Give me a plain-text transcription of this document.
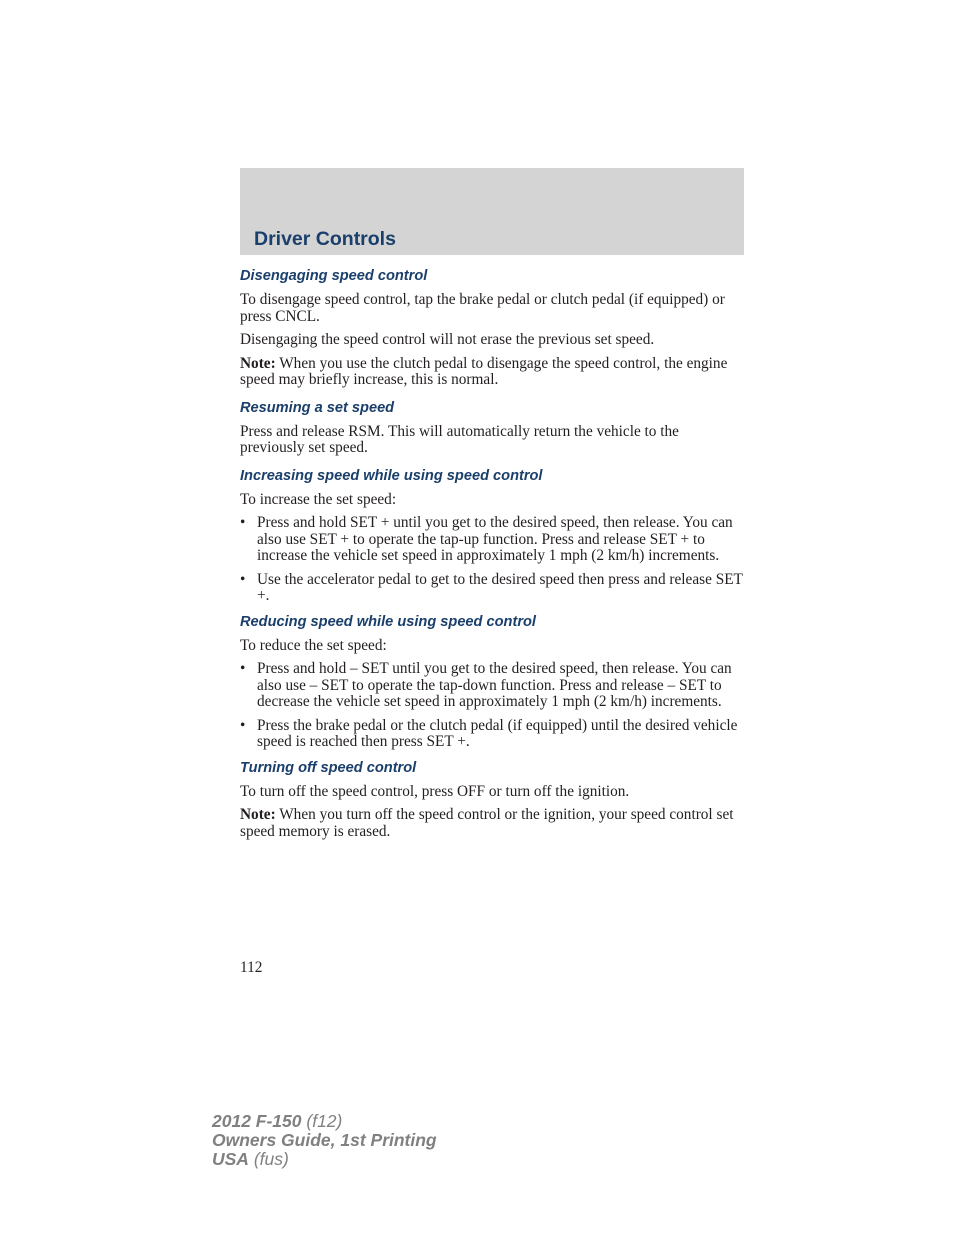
Driver Controls
Disengaging speed control

To disengage speed control, tap the brake pedal or clutch pedal (if equipped) or press CNCL.

Disengaging the speed control will not erase the previous set speed.

Note: When you use the clutch pedal to disengage the speed control, the engine speed may briefly increase, this is normal.

Resuming a set speed

Press and release RSM. This will automatically return the vehicle to the previously set speed.

Increasing speed while using speed control

To increase the set speed:

• Press and hold SET + until you get to the desired speed, then release. You can also use SET + to operate the tap-up function. Press and release SET + to increase the vehicle set speed in approximately 1 mph (2 km/h) increments.
• Use the accelerator pedal to get to the desired speed then press and release SET +.
Reducing speed while using speed control

To reduce the set speed:

• Press and hold – SET until you get to the desired speed, then release. You can also use – SET to operate the tap-down function. Press and release – SET to decrease the vehicle set speed in approximately 1 mph (2 km/h) increments.
• Press the brake pedal or the clutch pedal (if equipped) until the desired vehicle speed is reached then press SET +.
Turning off speed control

To turn off the speed control, press OFF or turn off the ignition.

Note: When you turn off the speed control or the ignition, your speed control set speed memory is erased.

112
2012 F-150 (f12)
Owners Guide, 1st Printing
USA (fus)
